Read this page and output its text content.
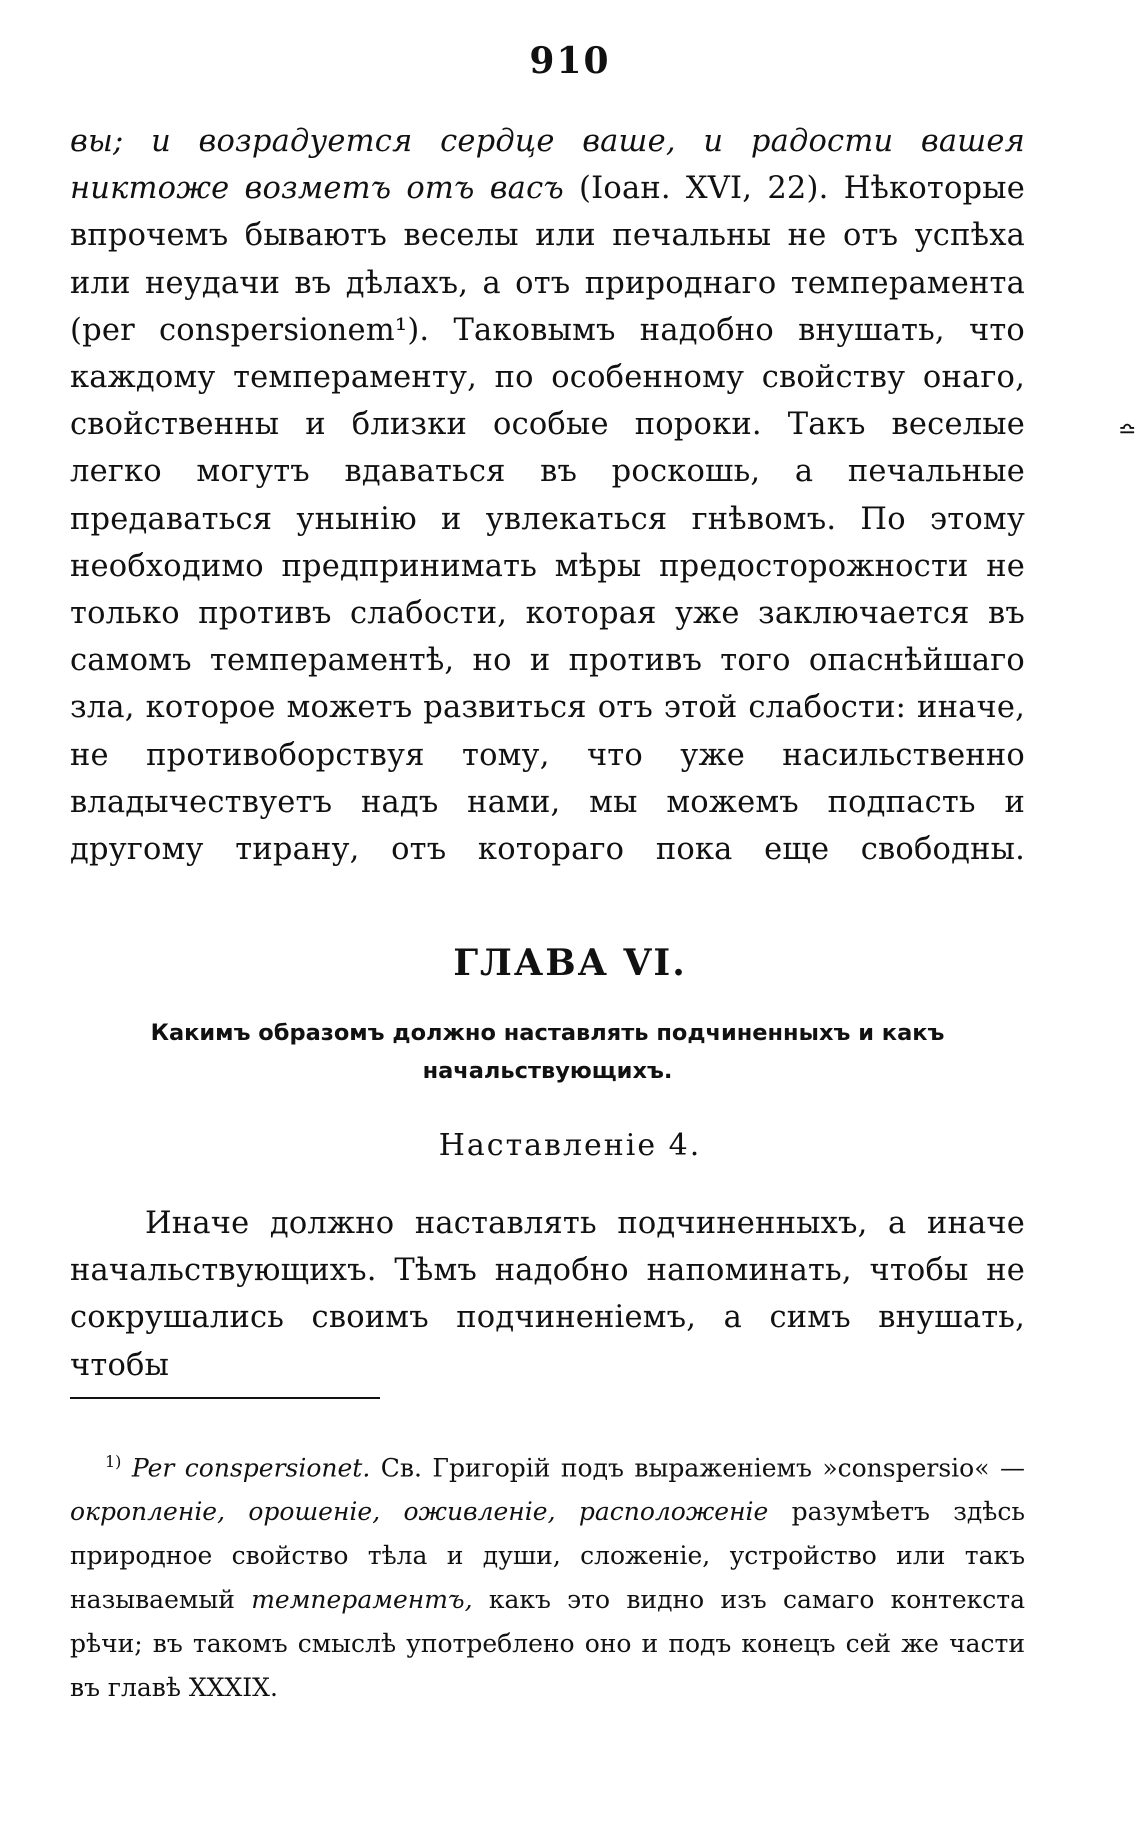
910
≏

вы; и возрадуется сердце ваше, и радости вашея никтоже возметъ отъ васъ (Іоан. XVI, 22). Нѣкоторые впрочемъ бываютъ веселы или печальны не отъ успѣха или неудачи въ дѣлахъ, а отъ природнаго темперамента (per conspersionem¹). Таковымъ надобно внушать, что каждому темпераменту, по особенному свойству онаго, свойственны и близки особые пороки. Такъ веселые легко могутъ вдаваться въ роскошь, а печальные предаваться унынію и увлекаться гнѣвомъ. По этому необходимо предпринимать мѣры предосторожности не только противъ слабости, которая уже заключается въ самомъ темпераментѣ, но и противъ того опаснѣйшаго зла, которое можетъ развиться отъ этой слабости: иначе, не противоборствуя тому, что уже насильственно владычествуетъ надъ нами, мы можемъ подпасть и другому тирану, отъ котораго пока еще свободны.

ГЛАВА VI.
Какимъ образомъ должно наставлять подчиненныхъ и какъ начальствующихъ.
Наставленіе 4.

Иначе должно наставлять подчиненныхъ, а иначе начальствующихъ. Тѣмъ надобно напоминать, чтобы не сокрушались своимъ подчиненіемъ, а симъ внушать, чтобы

$^{1)}$ Per conspersionet. Св. Григорій подъ выраженіемъ »conspersio« —окропленіе, орошеніе, оживленіе, расположеніе разумѣетъ здѣсь природное свойство тѣла и души, сложеніе, устройство или такъ называемый темпераментъ, какъ это видно изъ самаго контекста рѣчи; въ такомъ смыслѣ употреблено оно и подъ конецъ сей же части въ главѣ XXXIX.
